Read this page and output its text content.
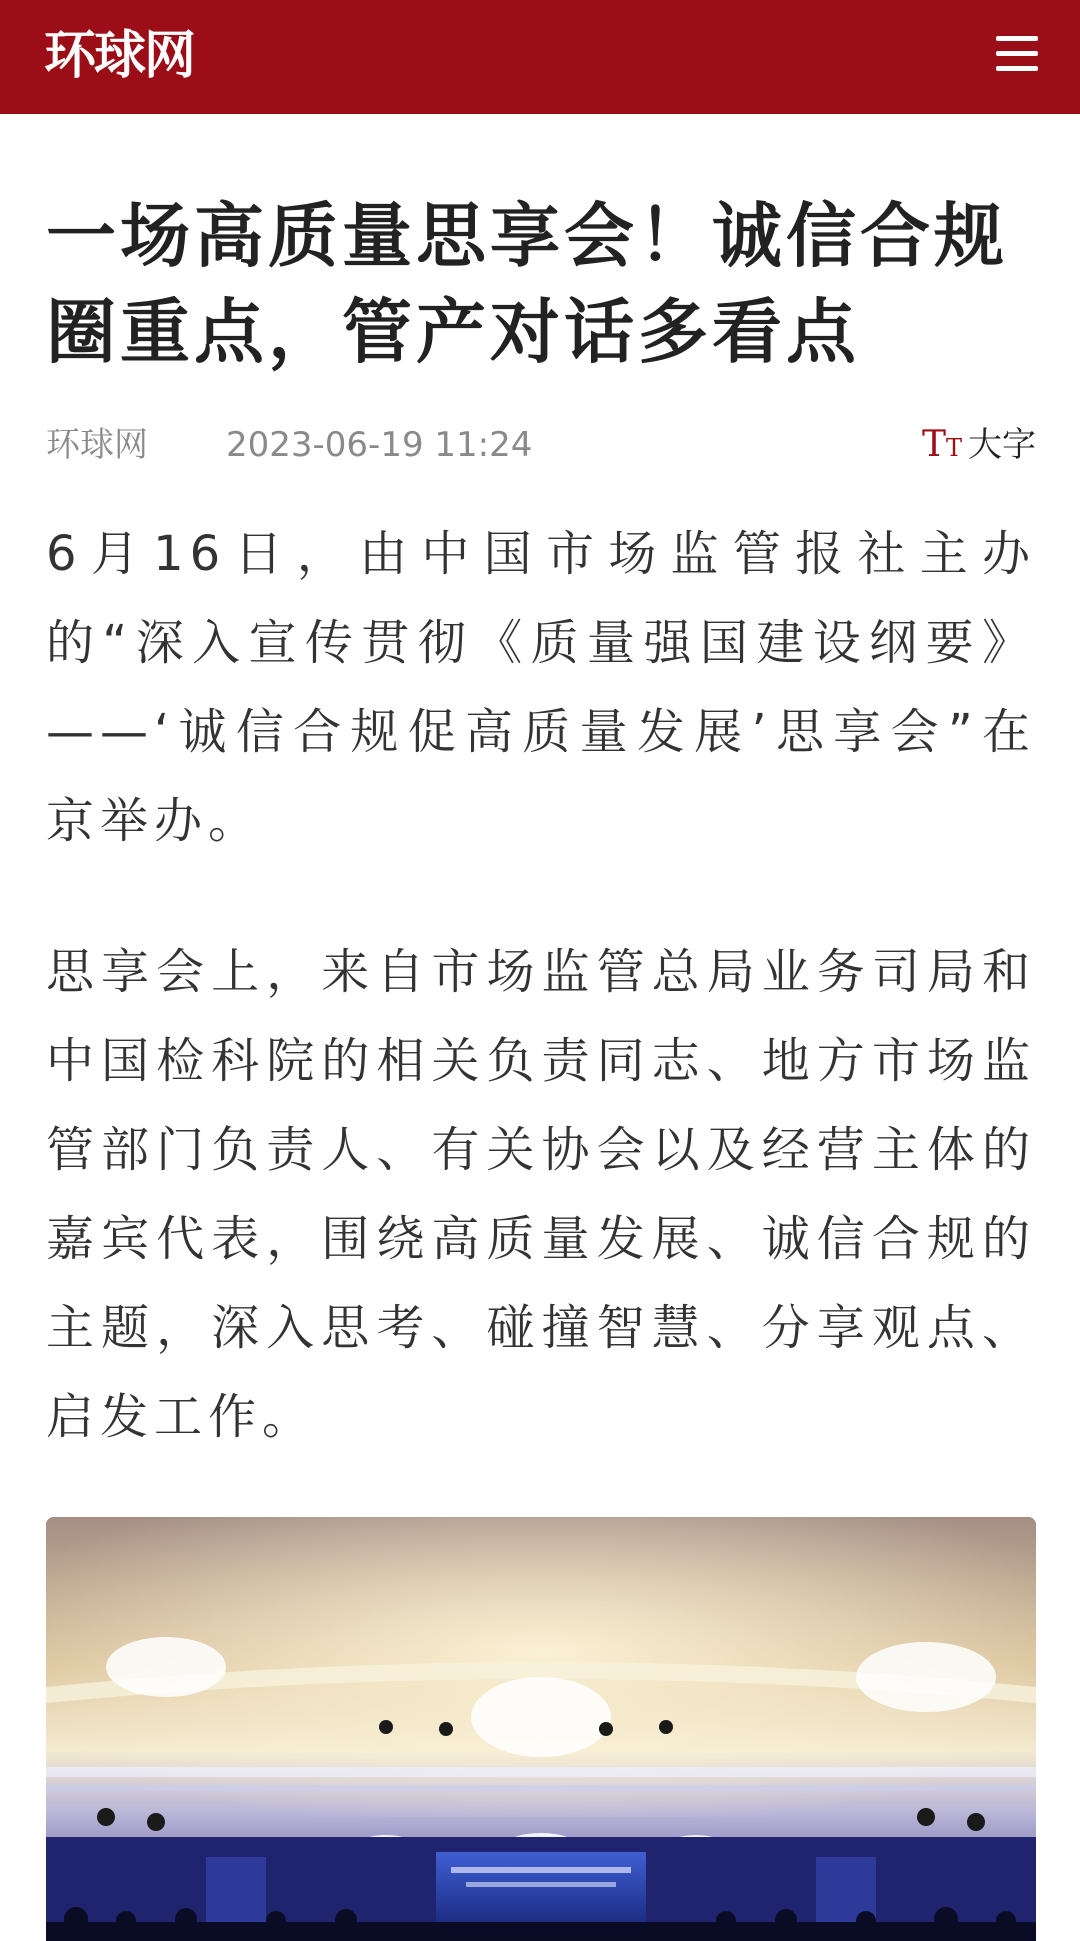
环球网
一场高质量思享会！诚信合规圈重点，管产对话多看点
环球网 2023-06-19 11:24	TT 大字

6月16日，由中国市场监管报社主办的“深入宣传贯彻《质量强国建设纲要》——‘诚信合规促高质量发展’思享会”在京举办。

思享会上，来自市场监管总局业务司局和中国检科院的相关负责同志、地方市场监管部门负责人、有关协会以及经营主体的嘉宾代表，围绕高质量发展、诚信合规的主题，深入思考、碰撞智慧、分享观点、启发工作。
